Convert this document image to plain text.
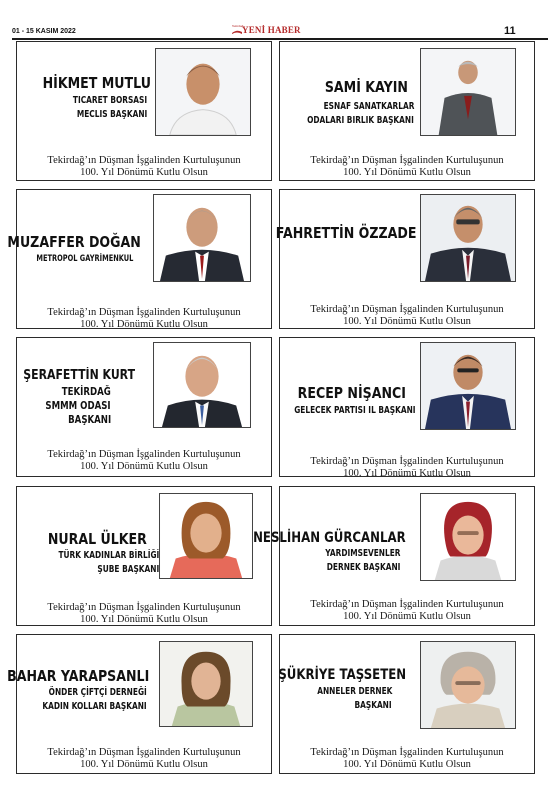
01 - 15 KASIM 2022
Tekirdağ
YENİ HABER	11
HİKMET MUTLU
TİCARET BORSASI
MECLİS BAŞKANI
Tekirdağ’ın Düşman İşgalinden Kurtuluşunun
100. Yıl Dönümü Kutlu Olsun
SAMİ KAYIN
ESNAF SANATKARLAR
ODALARI BİRLİK BAŞKANI
Tekirdağ’ın Düşman İşgalinden Kurtuluşunun
100. Yıl Dönümü Kutlu Olsun
MUZAFFER DOĞAN
METROPOL GAYRİMENKUL
Tekirdağ’ın Düşman İşgalinden Kurtuluşunun
100. Yıl Dönümü Kutlu Olsun
FAHRETTİN ÖZZADE
Tekirdağ’ın Düşman İşgalinden Kurtuluşunun
100. Yıl Dönümü Kutlu Olsun
ŞERAFETTİN KURT
TEKİRDAĞ
SMMM ODASI
BAŞKANI
Tekirdağ’ın Düşman İşgalinden Kurtuluşunun
100. Yıl Dönümü Kutlu Olsun
RECEP NİŞANCI
GELECEK PARTİSİ İL BAŞKANI
Tekirdağ’ın Düşman İşgalinden Kurtuluşunun
100. Yıl Dönümü Kutlu Olsun
NURAL ÜLKER
TÜRK KADINLAR BİRLİĞİ
ŞUBE BAŞKANI
Tekirdağ’ın Düşman İşgalinden Kurtuluşunun
100. Yıl Dönümü Kutlu Olsun
NESLİHAN GÜRCANLAR
YARDIMSEVENLER
DERNEK BAŞKANI
Tekirdağ’ın Düşman İşgalinden Kurtuluşunun
100. Yıl Dönümü Kutlu Olsun
BAHAR YARAPSANLI
ÖNDER ÇİFTÇİ DERNEĞİ
KADIN KOLLARI BAŞKANI
Tekirdağ’ın Düşman İşgalinden Kurtuluşunun
100. Yıl Dönümü Kutlu Olsun
ŞÜKRİYE TAŞSETEN
ANNELER DERNEK
BAŞKANI
Tekirdağ’ın Düşman İşgalinden Kurtuluşunun
100. Yıl Dönümü Kutlu Olsun
